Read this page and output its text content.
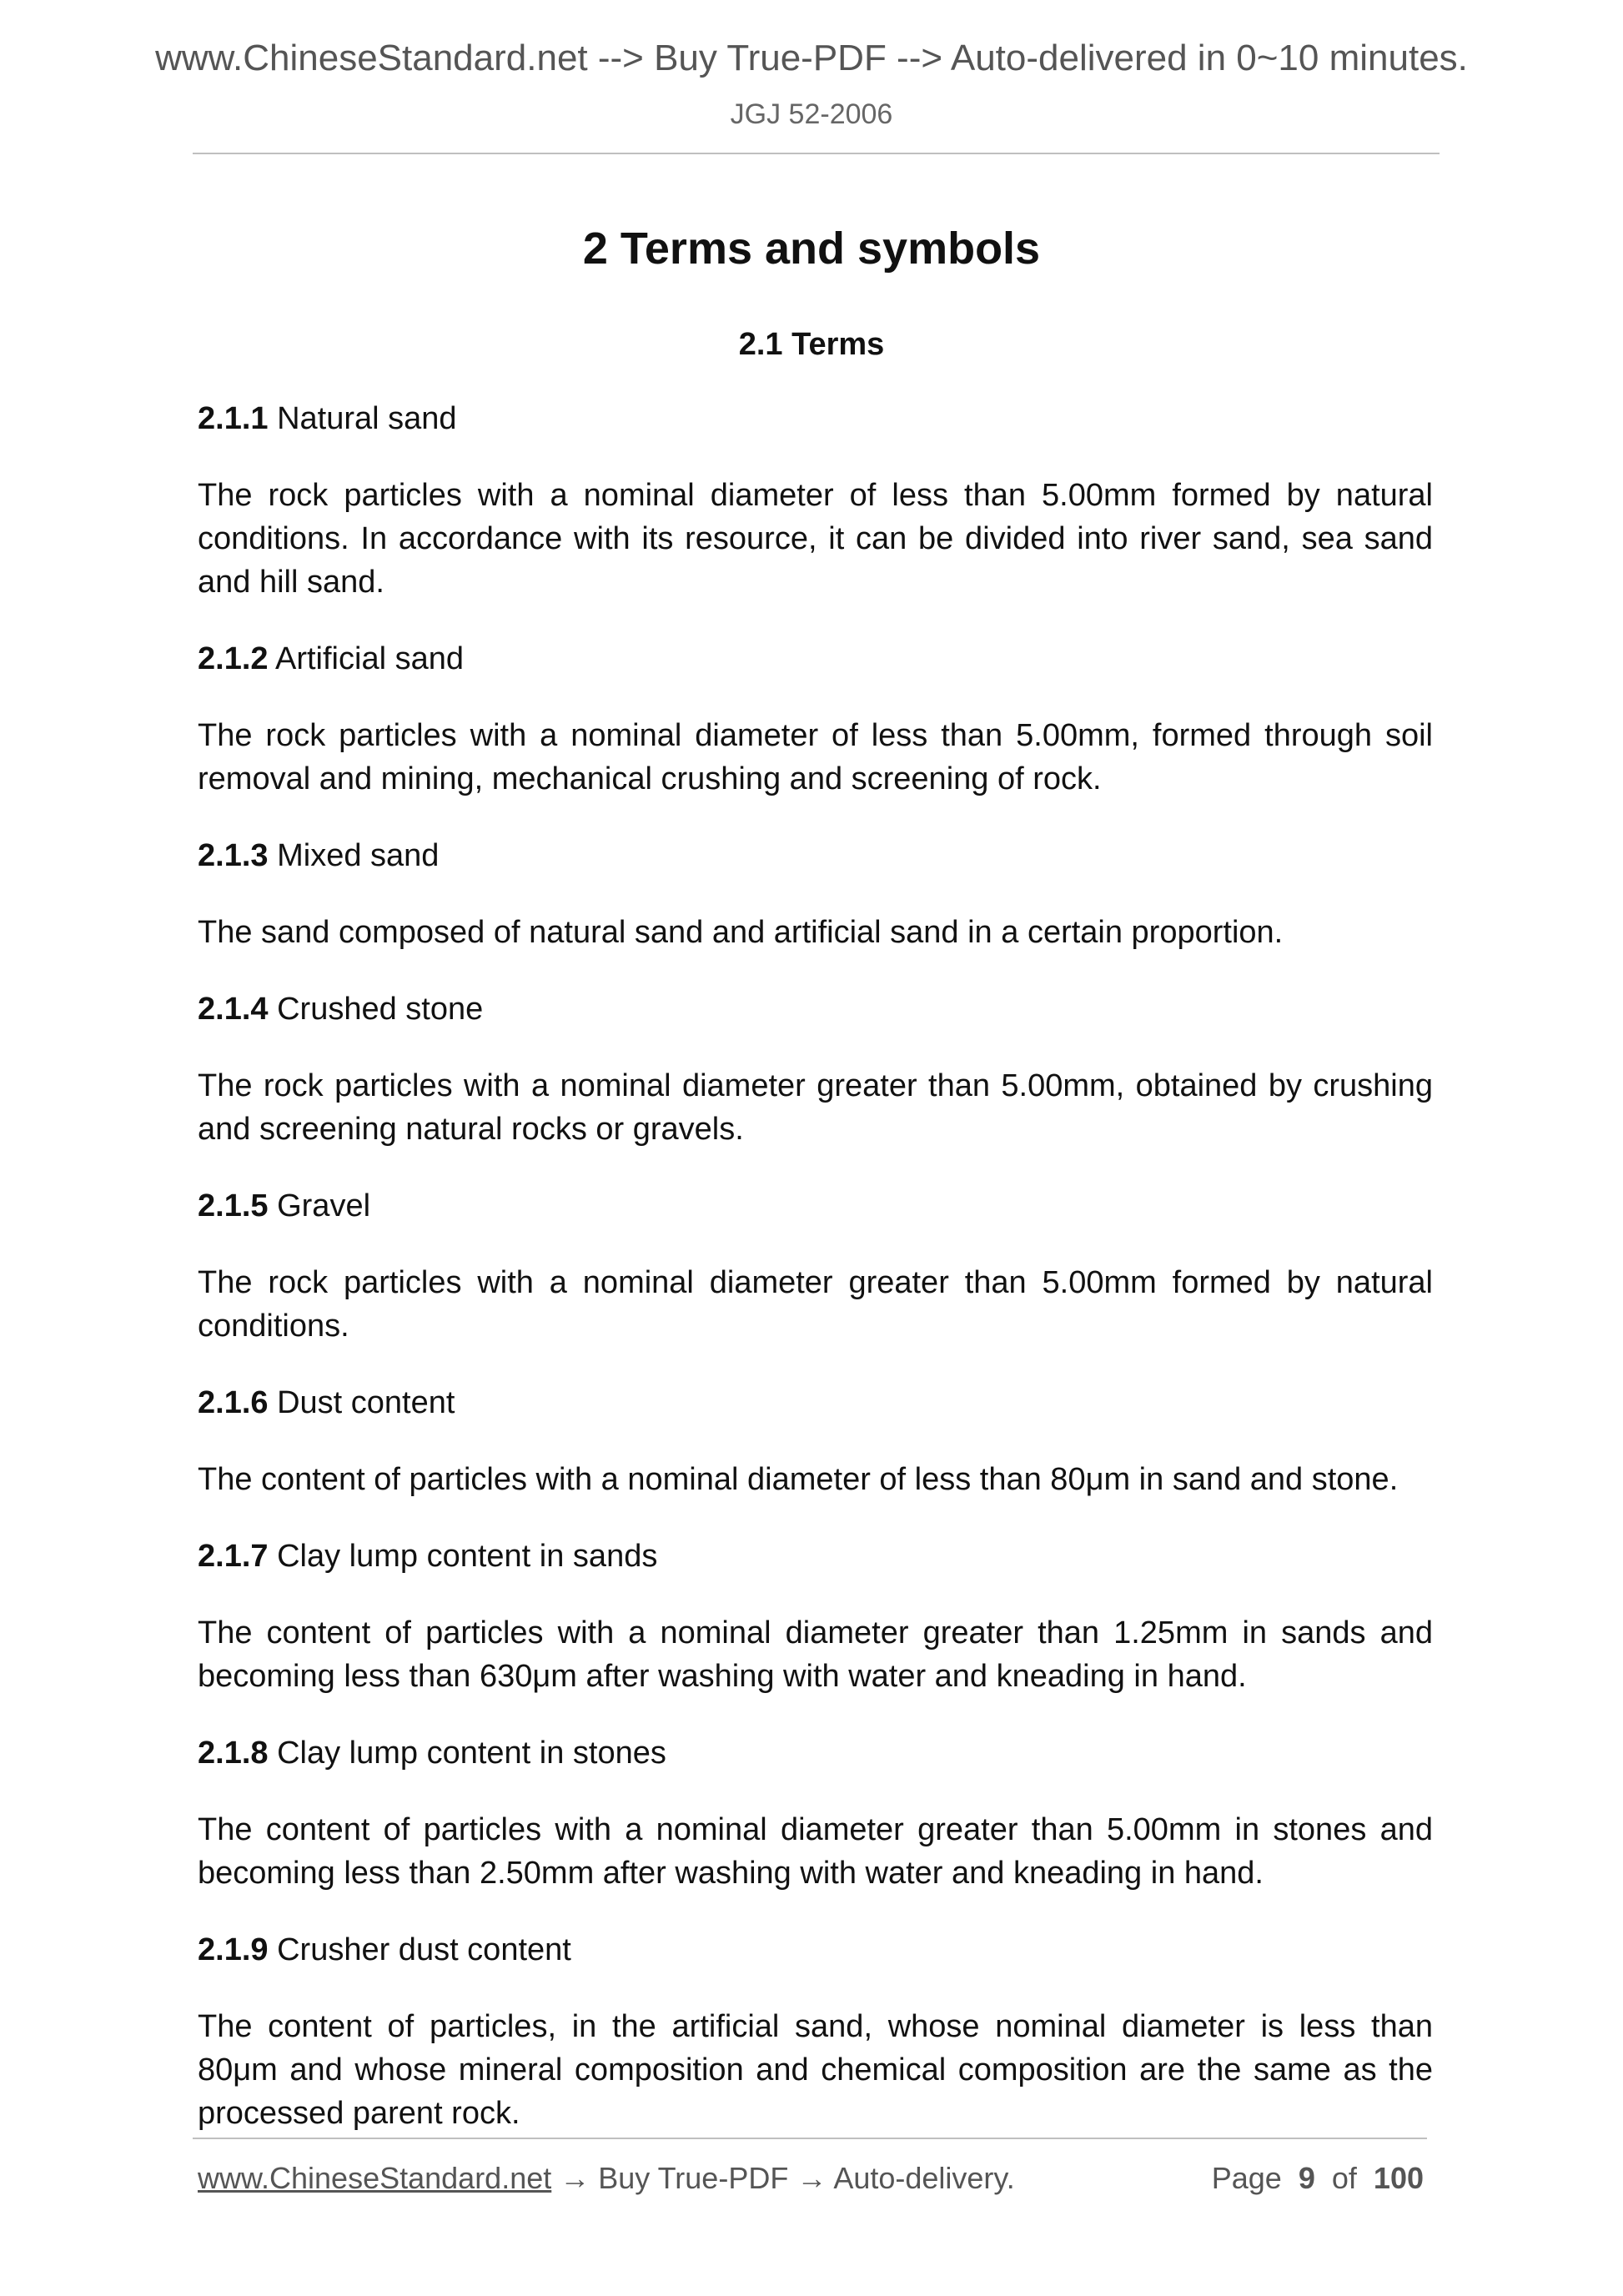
www.ChineseStandard.net --> Buy True-PDF --> Auto-delivered in 0~10 minutes.
JGJ 52-2006
2 Terms and symbols
2.1 Terms

2.1.1 Natural sand

The rock particles with a nominal diameter of less than 5.00mm formed by natural conditions. In accordance with its resource, it can be divided into river sand, sea sand and hill sand.

2.1.2 Artificial sand

The rock particles with a nominal diameter of less than 5.00mm, formed through soil removal and mining, mechanical crushing and screening of rock.

2.1.3 Mixed sand

The sand composed of natural sand and artificial sand in a certain proportion.

2.1.4 Crushed stone

The rock particles with a nominal diameter greater than 5.00mm, obtained by crushing and screening natural rocks or gravels.

2.1.5 Gravel

The rock particles with a nominal diameter greater than 5.00mm formed by natural conditions.

2.1.6 Dust content

The content of particles with a nominal diameter of less than 80μm in sand and stone.

2.1.7 Clay lump content in sands

The content of particles with a nominal diameter greater than 1.25mm in sands and becoming less than 630μm after washing with water and kneading in hand.

2.1.8 Clay lump content in stones

The content of particles with a nominal diameter greater than 5.00mm in stones and becoming less than 2.50mm after washing with water and kneading in hand.

2.1.9 Crusher dust content

The content of particles, in the artificial sand, whose nominal diameter is less than 80μm and whose mineral composition and chemical composition are the same as the processed parent rock.

www.ChineseStandard.net → Buy True-PDF → Auto-delivery.	Page 9 of 100
